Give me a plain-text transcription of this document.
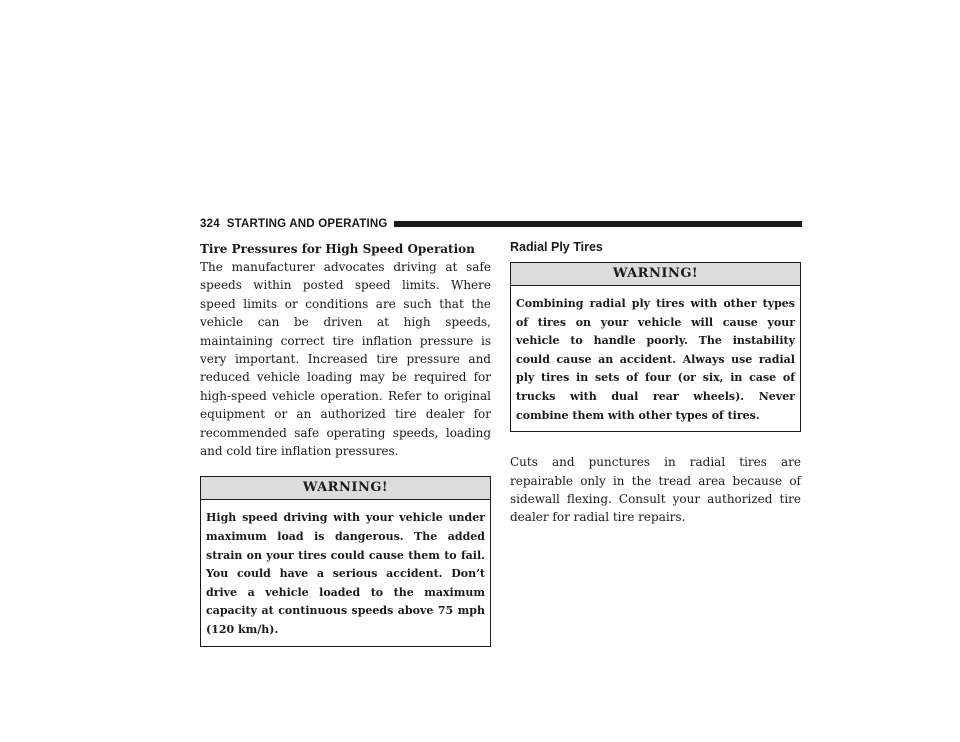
324 STARTING AND OPERATING

Tire Pressures for High Speed Operation

The manufacturer advocates driving at safe speeds within posted speed limits. Where speed limits or conditions are such that the vehicle can be driven at high speeds, maintaining correct tire inflation pressure is very important. Increased tire pressure and reduced vehicle loading may be required for high-speed vehicle operation. Refer to original equipment or an authorized tire dealer for recommended safe operating speeds, loading and cold tire inflation pressures.

WARNING!
High speed driving with your vehicle under maximum load is dangerous. The added strain on your tires could cause them to fail. You could have a serious accident. Don’t drive a vehicle loaded to the maximum capacity at continuous speeds above 75 mph (120 km/h).

Radial Ply Tires

WARNING!
Combining radial ply tires with other types of tires on your vehicle will cause your vehicle to handle poorly. The instability could cause an accident. Always use radial ply tires in sets of four (or six, in case of trucks with dual rear wheels). Never combine them with other types of tires.

Cuts and punctures in radial tires are repairable only in the tread area because of sidewall flexing. Consult your authorized tire dealer for radial tire repairs.
